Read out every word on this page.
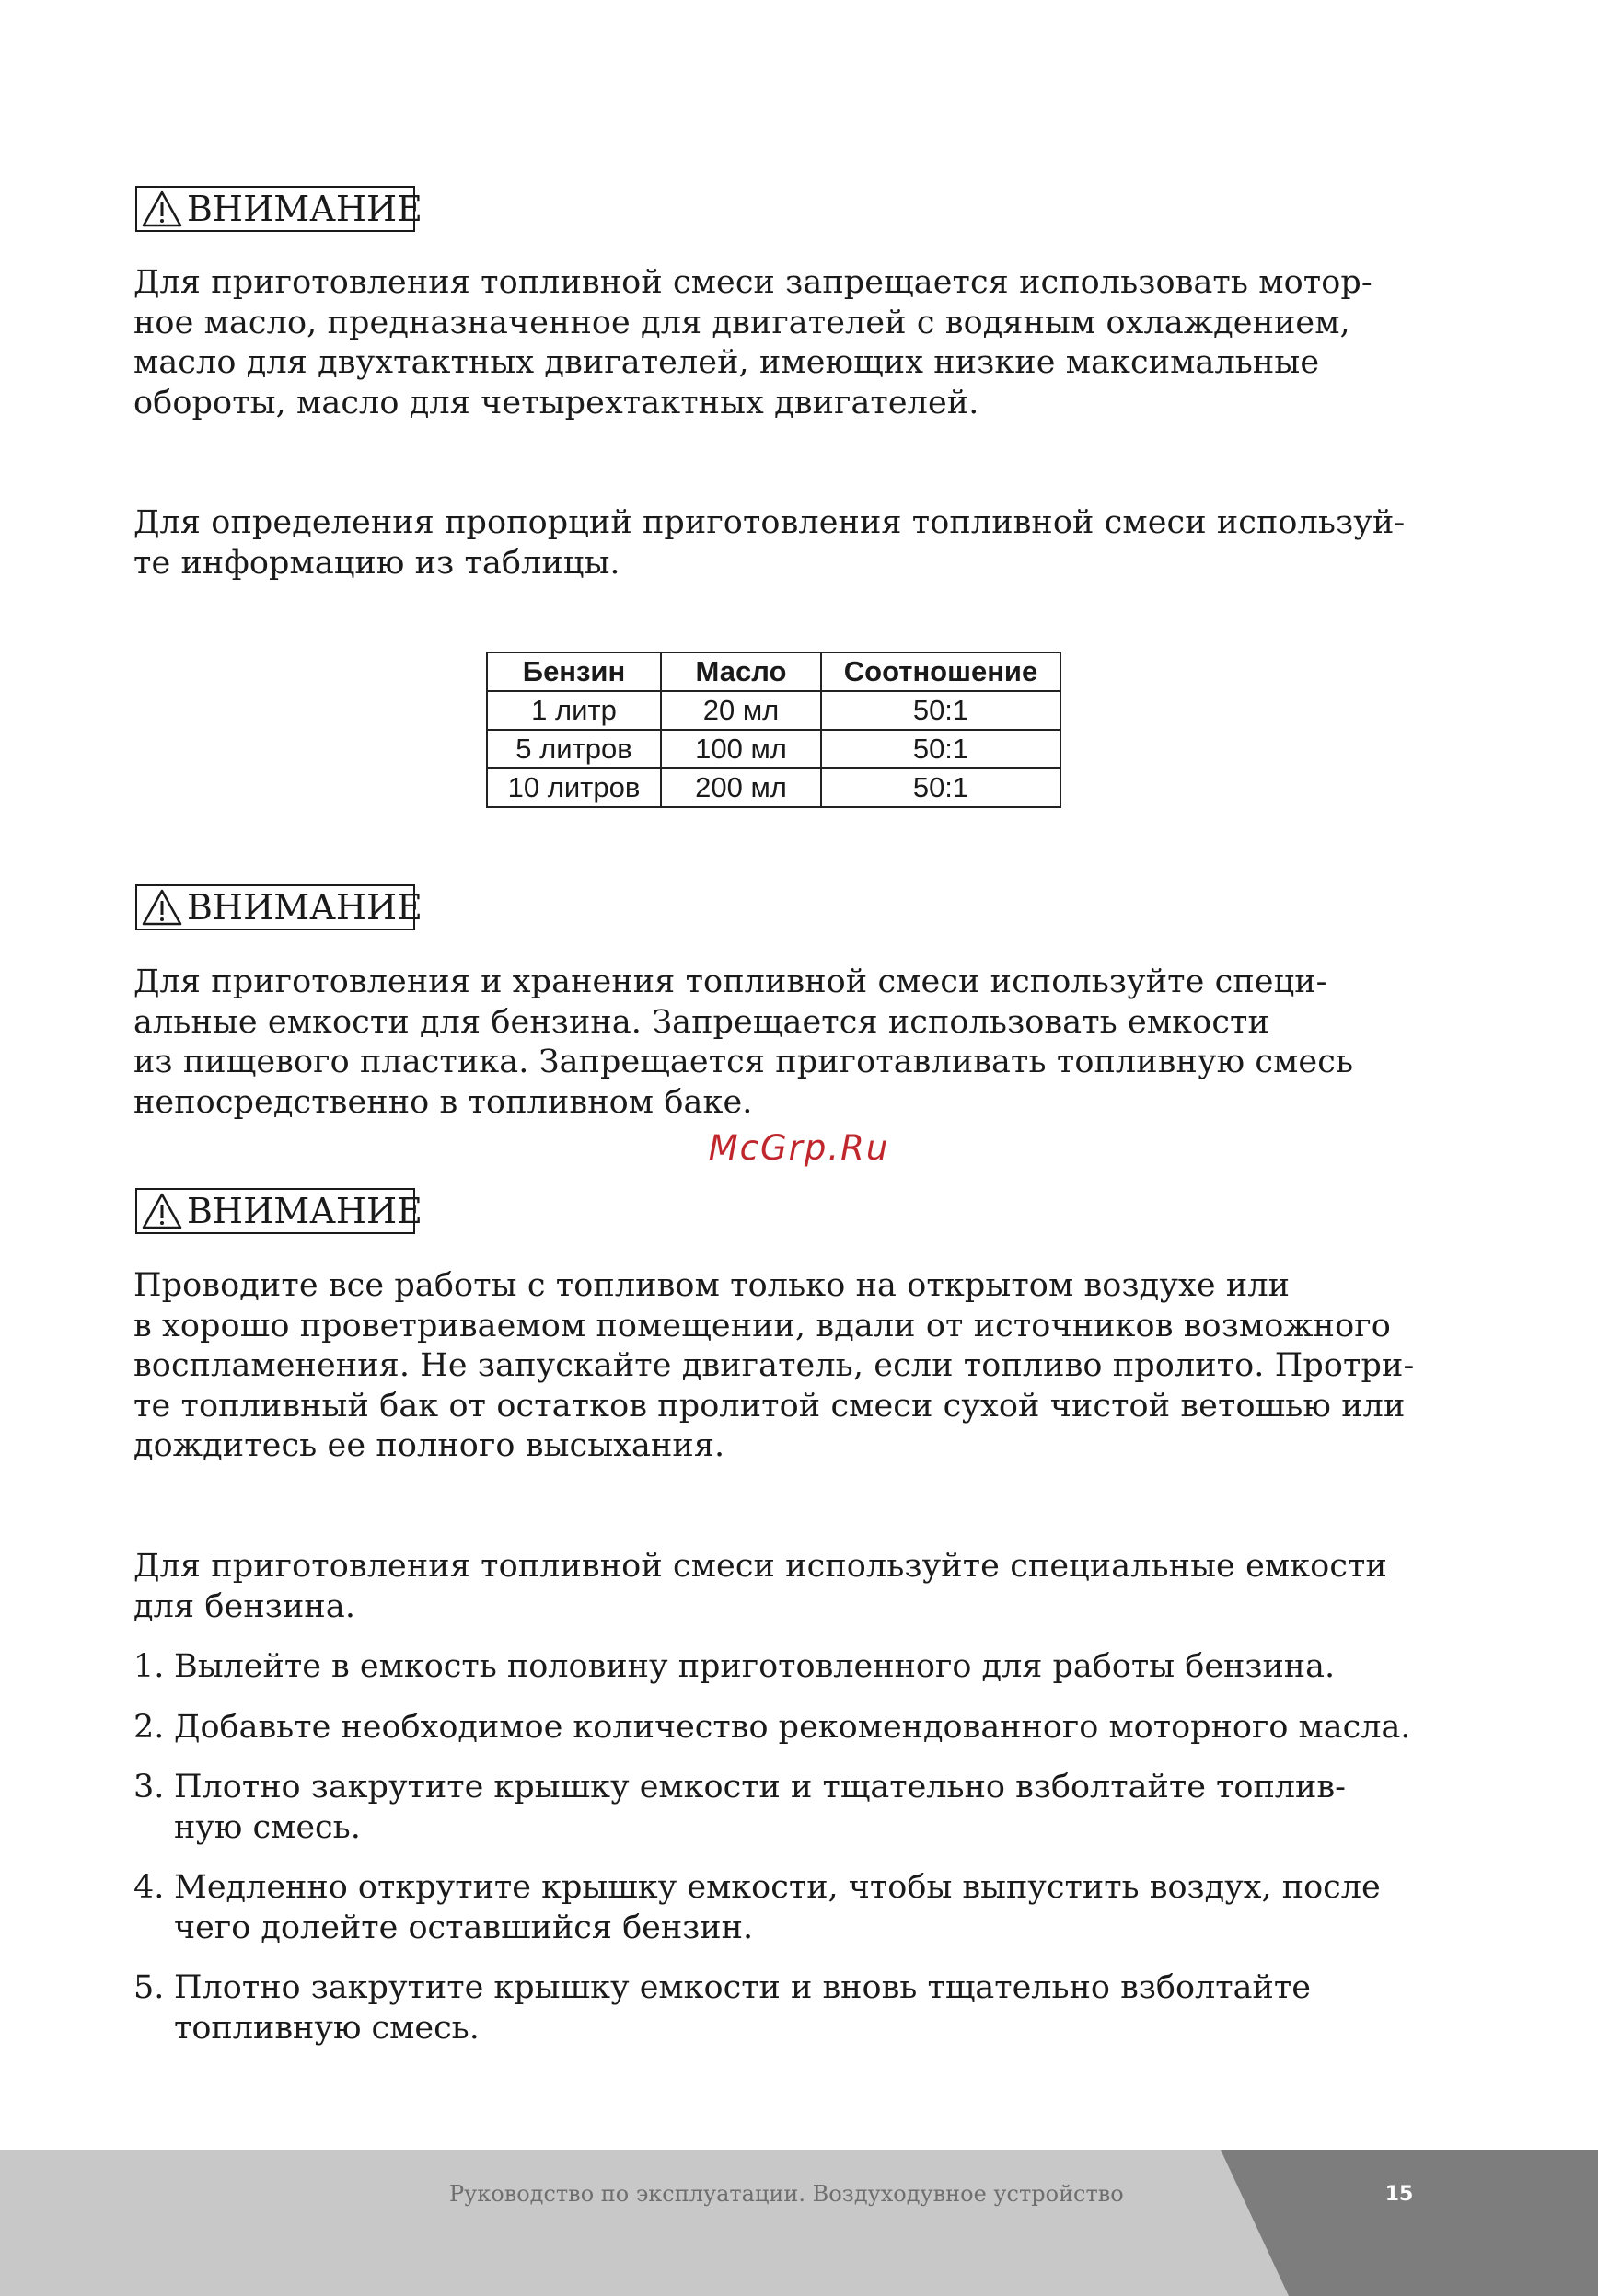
ВНИМАНИЕ
Для приготовления топливной смеси запрещается использовать мотор-
ное масло, предназначенное для двигателей с водяным охлаждением,
масло для двухтактных двигателей, имеющих низкие максимальные
обороты, масло для четырехтактных двигателей.
Для определения пропорций приготовления топливной смеси используй-
те информацию из таблицы.
Бензин	Масло	Соотношение
1 литр	20 мл	50:1
5 литров	100 мл	50:1
10 литров	200 мл	50:1
ВНИМАНИЕ
Для приготовления и хранения топливной смеси используйте специ-
альные емкости для бензина. Запрещается использовать емкости
из пищевого пластика. Запрещается приготавливать топливную смесь
непосредственно в топливном баке.
McGrp.Ru
ВНИМАНИЕ
Проводите все работы с топливом только на открытом воздухе или
в хорошо проветриваемом помещении, вдали от источников возможного
воспламенения. Не запускайте двигатель, если топливо пролито. Протри-
те топливный бак от остатков пролитой смеси сухой чистой ветошью или
дождитесь ее полного высыхания.
Для приготовления топливной смеси используйте специальные емкости
для бензина.
1. Вылейте в емкость половину приготовленного для работы бензина.
2. Добавьте необходимое количество рекомендованного моторного масла.
3. Плотно закрутите крышку емкости и тщательно взболтайте топлив-
ную смесь.
4. Медленно открутите крышку емкости, чтобы выпустить воздух, после
чего долейте оставшийся бензин.
5. Плотно закрутите крышку емкости и вновь тщательно взболтайте
топливную смесь.
Руководство по эксплуатации. Воздуходувное устройство	15
